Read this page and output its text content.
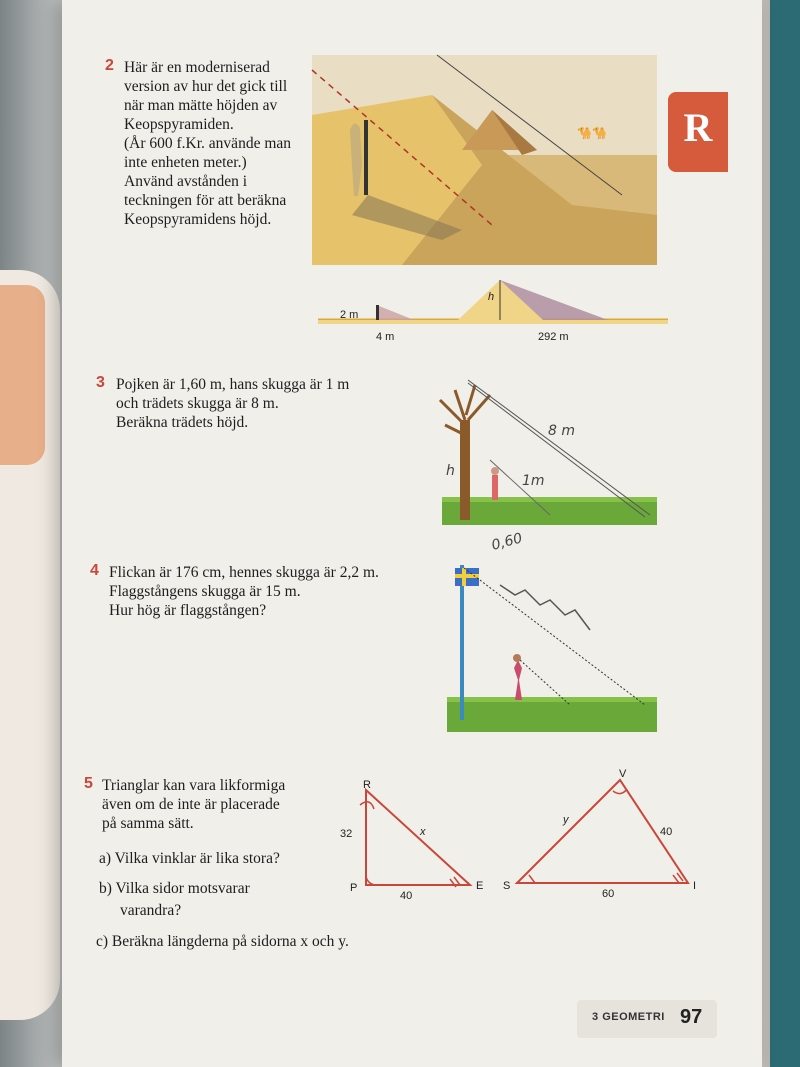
R
2 Här är en moderniserad
version av hur det gick till
när man mätte höjden av
Keopspyramiden.
(År 600 f.Kr. använde man
inte enheten meter.)
Använd avstånden i
teckningen för att beräkna
Keopspyramidens höjd.
🐪🐪
2 m
h
4 m	292 m
3 Pojken är 1,60 m, hans skugga är 1 m
och trädets skugga är 8 m.
Beräkna trädets höjd.	8 m
1m
h
4 Flickan är 176 cm, hennes skugga är 2,2 m.
Flaggstångens skugga är 15 m.
Hur hög är flaggstången?
0,60
5 Trianglar kan vara likformiga
även om de inte är placerade
på samma sätt.
a) Vilka vinklar är lika stora?
b) Vilka sidor motsvarar
varandra?
c) Beräkna längderna på sidorna x och y.
R
P	E
32
40
x
V
S	I
40
60
y
3 GEOMETRI 97
